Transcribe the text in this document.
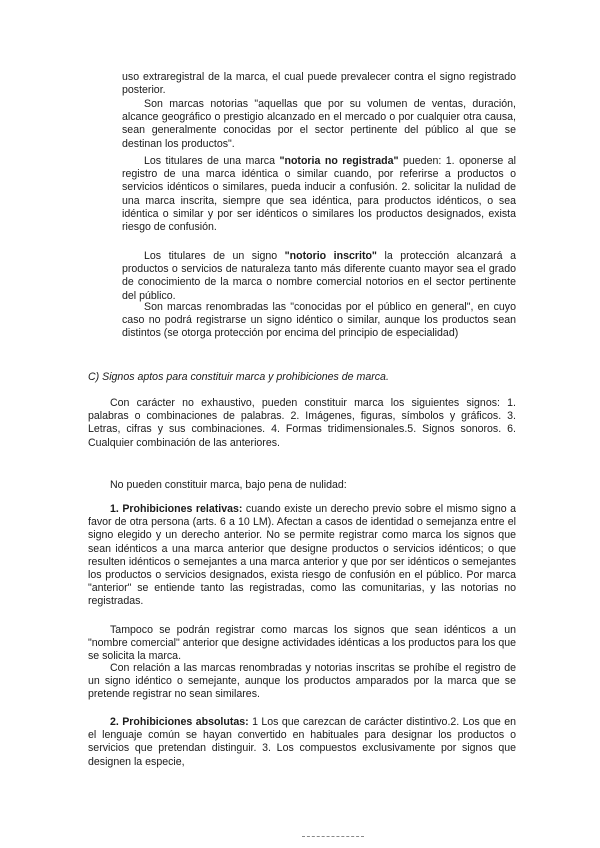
uso extraregistral de la marca, el cual puede prevalecer contra el signo registrado posterior.

Son marcas notorias "aquellas que por su volumen de ventas, duración, alcance geográfico o prestigio alcanzado en el mercado o por cualquier otra causa, sean generalmente conocidas por el sector pertinente del público al que se destinan los productos".

Los titulares de una marca "notoria no registrada" pueden: 1. oponerse al registro de una marca idéntica o similar cuando, por referirse a productos o servicios idénticos o similares, pueda inducir a confusión. 2. solicitar la nulidad de una marca inscrita, siempre que sea idéntica, para productos idénticos, o sea idéntica o similar y por ser idénticos o similares los productos designados, exista riesgo de confusión.

Los titulares de un signo "notorio inscrito" la protección alcanzará a productos o servicios de naturaleza tanto más diferente cuanto mayor sea el grado de conocimiento de la marca o nombre comercial notorios en el sector pertinente del público.

Son marcas renombradas las "conocidas por el público en general", en cuyo caso no podrá registrarse un signo idéntico o similar, aunque los productos sean distintos (se otorga protección por encima del principio de especialidad)

C) Signos aptos para constituir marca y prohibiciones de marca.

Con carácter no exhaustivo, pueden constituir marca los siguientes signos: 1. palabras o combinaciones de palabras. 2. Imágenes, figuras, símbolos y gráficos. 3. Letras, cifras y sus combinaciones. 4. Formas tridimensionales.5. Signos sonoros. 6. Cualquier combinación de las anteriores.

No pueden constituir marca, bajo pena de nulidad:

1. Prohibiciones relativas: cuando existe un derecho previo sobre el mismo signo a favor de otra persona (arts. 6 a 10 LM). Afectan a casos de identidad o semejanza entre el signo elegido y un derecho anterior. No se permite registrar como marca los signos que sean idénticos a una marca anterior que designe productos o servicios idénticos; o que resulten idénticos o semejantes a una marca anterior y que por ser idénticos o semejantes los productos o servicios designados, exista riesgo de confusión en el público. Por marca "anterior" se entiende tanto las registradas, como las comunitarias, y las notorias no registradas.

Tampoco se podrán registrar como marcas los signos que sean idénticos a un "nombre comercial" anterior que designe actividades idénticas a los productos para los que se solicita la marca.

Con relación a las marcas renombradas y notorias inscritas se prohíbe el registro de un signo idéntico o semejante, aunque los productos amparados por la marca que se pretende registrar no sean similares.

2. Prohibiciones absolutas: 1 Los que carezcan de carácter distintivo.2. Los que en el lenguaje común se hayan convertido en habituales para designar los productos o servicios que pretendan distinguir. 3. Los compuestos exclusivamente por signos que designen la especie,
